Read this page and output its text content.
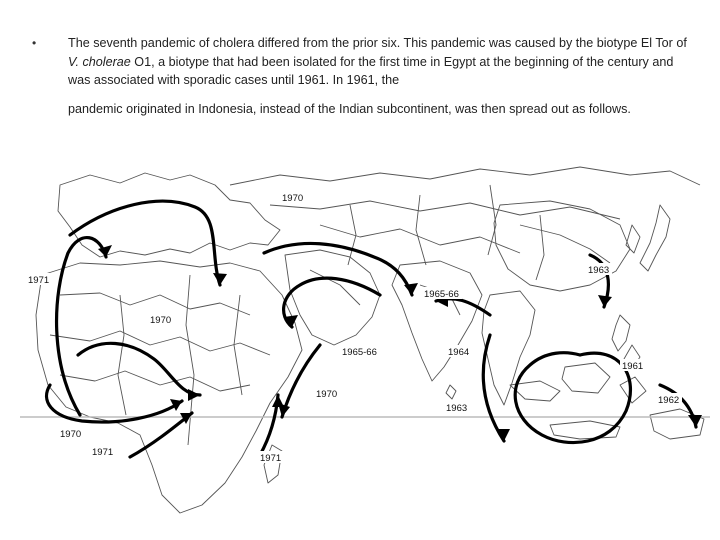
•	The seventh pandemic of cholera differed from the prior six. This pandemic was caused by the biotype El Tor of V. cholerae O1, a biotype that had been isolated for the first time in Egypt at the beginning of the century and was associated with sporadic cases until 1961. In 1961, the

pandemic originated in Indonesia, instead of the Indian subcontinent, was then spread out as follows.

1970
1971
1970
1963
1965-66
1965-66	1964
1970
1961
1963
1962
1970
1971
1971
